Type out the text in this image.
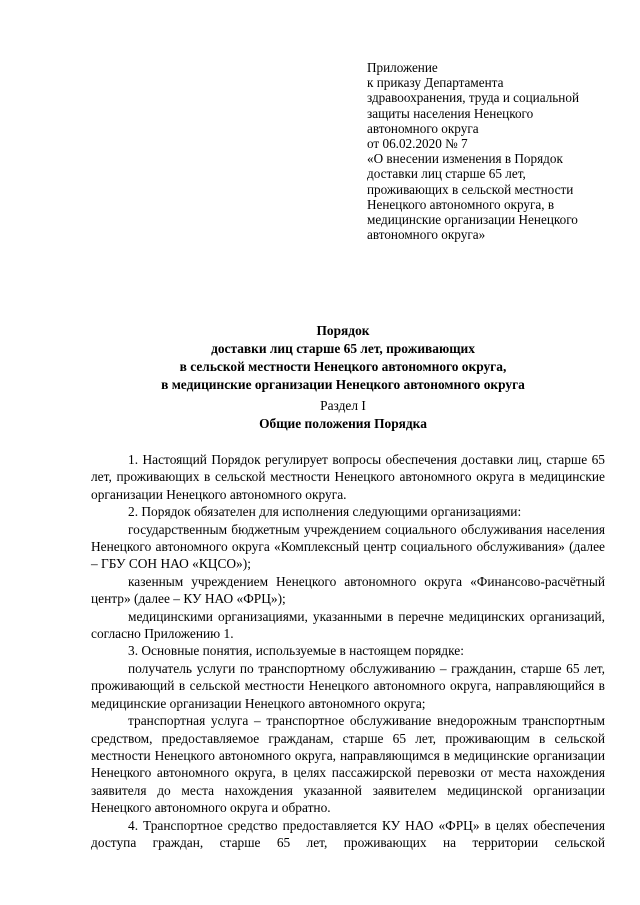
Приложение
к приказу Департамента
здравоохранения, труда и социальной
защиты населения Ненецкого
автономного округа
от 06.02.2020 № 7
«О внесении изменения в Порядок
доставки лиц старше 65 лет,
проживающих в сельской местности
Ненецкого автономного округа, в
медицинские организации Ненецкого
автономного округа»
Порядок
доставки лиц старше 65 лет, проживающих
в сельской местности Ненецкого автономного округа,
в медицинские организации Ненецкого автономного округа
Раздел I
Общие положения Порядка

1. Настоящий Порядок регулирует вопросы обеспечения доставки лиц, старше 65 лет, проживающих в сельской местности Ненецкого автономного округа в медицинские организации Ненецкого автономного округа.

2. Порядок обязателен для исполнения следующими организациями:

государственным бюджетным учреждением социального обслуживания населения Ненецкого автономного округа «Комплексный центр социального обслуживания» (далее – ГБУ СОН НАО «КЦСО»);

казенным учреждением Ненецкого автономного округа «Финансово-расчётный центр» (далее – КУ НАО «ФРЦ»);

медицинскими организациями, указанными в перечне медицинских организаций, согласно Приложению 1.

3. Основные понятия, используемые в настоящем порядке:

получатель услуги по транспортному обслуживанию – гражданин, старше 65 лет, проживающий в сельской местности Ненецкого автономного округа, направляющийся в медицинские организации Ненецкого автономного округа;

транспортная услуга – транспортное обслуживание внедорожным транспортным средством, предоставляемое гражданам, старше 65 лет, проживающим в сельской местности Ненецкого автономного округа, направляющимся в медицинские организации Ненецкого автономного округа, в целях пассажирской перевозки от места нахождения заявителя до места нахождения указанной заявителем медицинской организации Ненецкого автономного округа и обратно.

4. Транспортное средство предоставляется КУ НАО «ФРЦ» в целях обеспечения доступа граждан, старше 65 лет, проживающих на территории сельской
